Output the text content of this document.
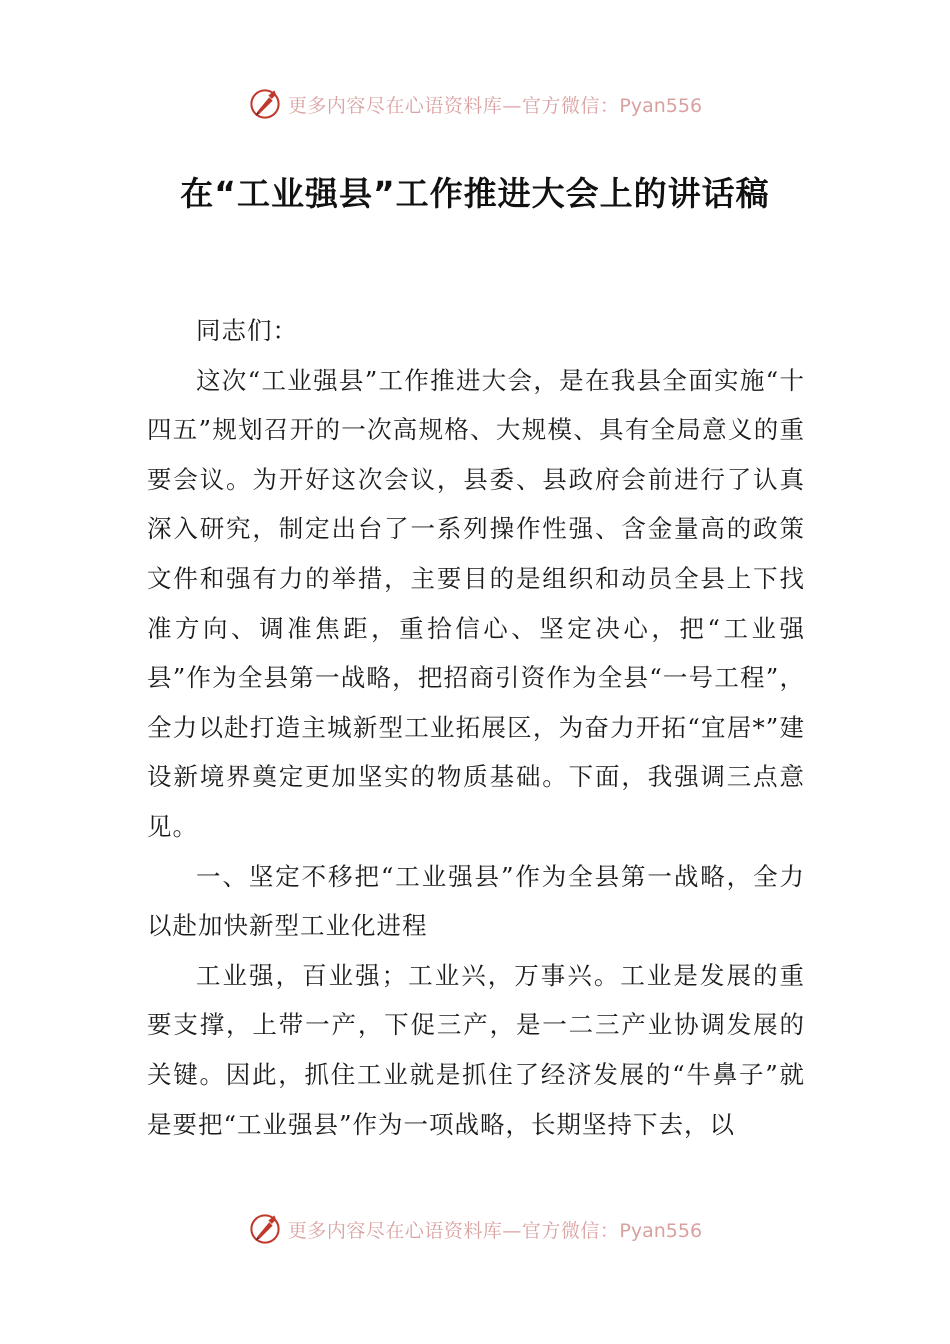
更多内容尽在心语资料库—官方微信：Pyan556
在“工业强县”工作推进大会上的讲话稿

同志们：

这次“工业强县”工作推进大会，是在我县全面实施“十四五”规划召开的一次高规格、大规模、具有全局意义的重要会议。为开好这次会议，县委、县政府会前进行了认真深入研究，制定出台了一系列操作性强、含金量高的政策文件和强有力的举措，主要目的是组织和动员全县上下找准方向、调准焦距，重拾信心、坚定决心，把“工业强县”作为全县第一战略，把招商引资作为全县“一号工程”，全力以赴打造主城新型工业拓展区，为奋力开拓“宜居*”建设新境界奠定更加坚实的物质基础。下面，我强调三点意见。

一、坚定不移把“工业强县”作为全县第一战略，全力以赴加快新型工业化进程

工业强，百业强；工业兴，万事兴。工业是发展的重要支撑，上带一产，下促三产，是一二三产业协调发展的关键。因此，抓住工业就是抓住了经济发展的“牛鼻子”就是要把“工业强县”作为一项战略，长期坚持下去，以

更多内容尽在心语资料库—官方微信：Pyan556
